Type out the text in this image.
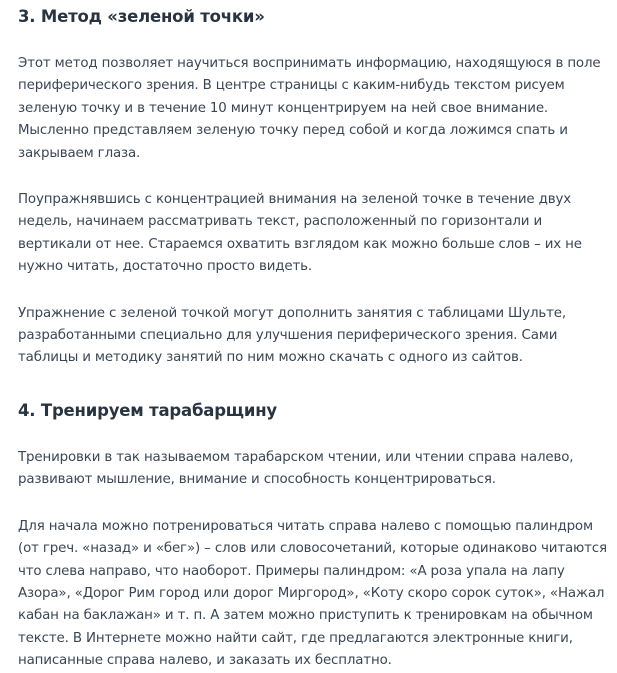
3. Метод «зеленой точки»

Этот метод позволяет научиться воспринимать информацию, находящуюся в поле периферического зрения. В центре страницы с каким-нибудь текстом рисуем зеленую точку и в течение 10 минут концентрируем на ней свое внимание. Мысленно представляем зеленую точку перед собой и когда ложимся спать и закрываем глаза.

Поупражнявшись с концентрацией внимания на зеленой точке в течение двух недель, начинаем рассматривать текст, расположенный по горизонтали и вертикали от нее. Стараемся охватить взглядом как можно больше слов – их не нужно читать, достаточно просто видеть.

Упражнение с зеленой точкой могут дополнить занятия с таблицами Шульте, разработанными специально для улучшения периферического зрения. Сами таблицы и методику занятий по ним можно скачать с одного из сайтов.

4. Тренируем тарабарщину

Тренировки в так называемом тарабарском чтении, или чтении справа налево, развивают мышление, внимание и способность концентрироваться.

Для начала можно потренироваться читать справа налево с помощью палиндром (от греч. «назад» и «бег») – слов или словосочетаний, которые одинаково читаются что слева направо, что наоборот. Примеры палиндром: «А роза упала на лапу Азора», «Дорог Рим город или дорог Миргород», «Коту скоро сорок суток», «Нажал кабан на баклажан» и т. п. А затем можно приступить к тренировкам на обычном тексте. В Интернете можно найти сайт, где предлагаются электронные книги, написанные справа налево, и заказать их бесплатно.
